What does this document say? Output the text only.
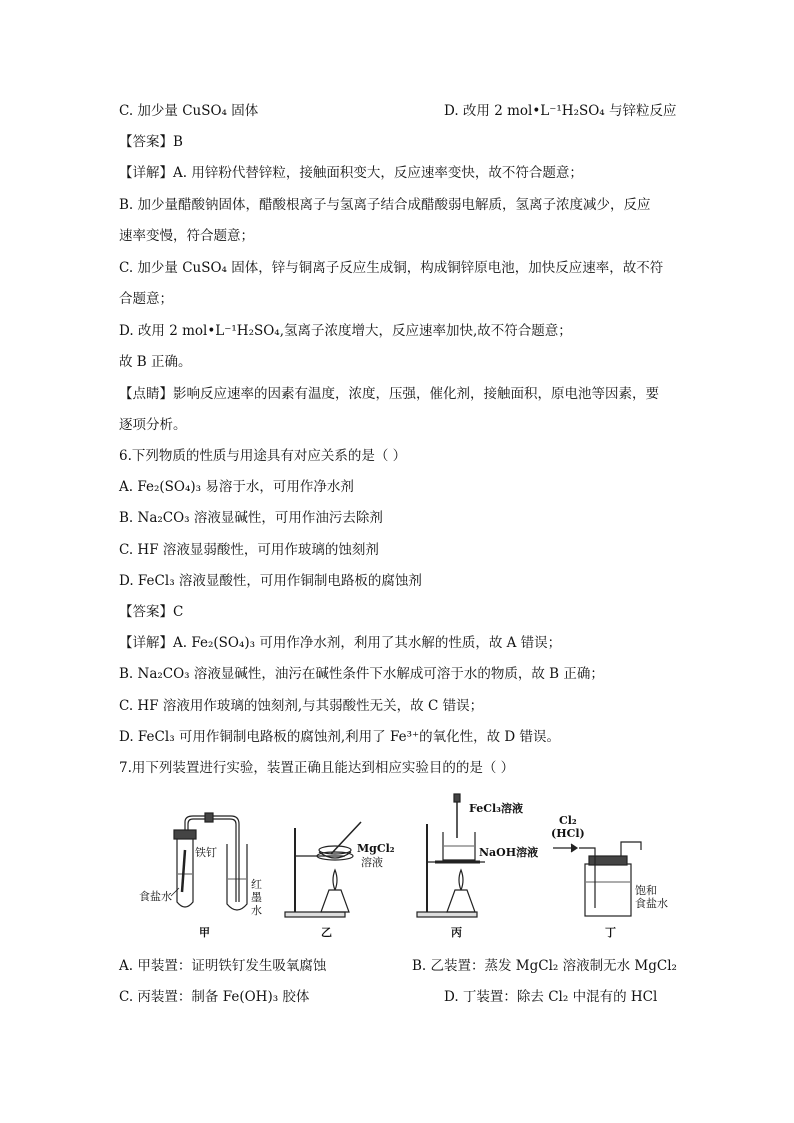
C. 加少量 CuSO₄ 固体	D. 改用 2 mol•L⁻¹H₂SO₄ 与锌粒反应
【答案】B
【详解】A. 用锌粉代替锌粒，接触面积变大，反应速率变快，故不符合题意；
B. 加少量醋酸钠固体，醋酸根离子与氢离子结合成醋酸弱电解质，氢离子浓度减少，反应
速率变慢，符合题意；
C. 加少量 CuSO₄ 固体，锌与铜离子反应生成铜，构成铜锌原电池，加快反应速率，故不符
合题意；
D. 改用 2 mol•L⁻¹H₂SO₄,氢离子浓度增大，反应速率加快,故不符合题意；
故 B 正确。
【点睛】影响反应速率的因素有温度，浓度，压强，催化剂，接触面积，原电池等因素，要
逐项分析。
6.下列物质的性质与用途具有对应关系的是（ ）
A. Fe₂(SO₄)₃ 易溶于水，可用作净水剂
B. Na₂CO₃ 溶液显碱性，可用作油污去除剂
C. HF 溶液显弱酸性，可用作玻璃的蚀刻剂
D. FeCl₃ 溶液显酸性，可用作铜制电路板的腐蚀剂
【答案】C
【详解】A. Fe₂(SO₄)₃ 可用作净水剂，利用了其水解的性质，故 A 错误；
B. Na₂CO₃ 溶液显碱性，油污在碱性条件下水解成可溶于水的物质，故 B 正确；
C. HF 溶液用作玻璃的蚀刻剂,与其弱酸性无关，故 C 错误；
D. FeCl₃ 可用作铜制电路板的腐蚀剂,利用了 Fe³⁺的氧化性，故 D 错误。
7.用下列装置进行实验，装置正确且能达到相应实验目的的是（ ）
铁钉
食盐水
红
墨
水
甲
MgCl₂
溶液
乙
FeCl₃溶液
NaOH溶液
丙
Cl₂
(HCl)
饱和
食盐水
丁
A. 甲装置：证明铁钉发生吸氧腐蚀	B. 乙装置：蒸发 MgCl₂ 溶液制无水 MgCl₂
C. 丙装置：制备 Fe(OH)₃ 胶体	D. 丁装置：除去 Cl₂ 中混有的 HCl
